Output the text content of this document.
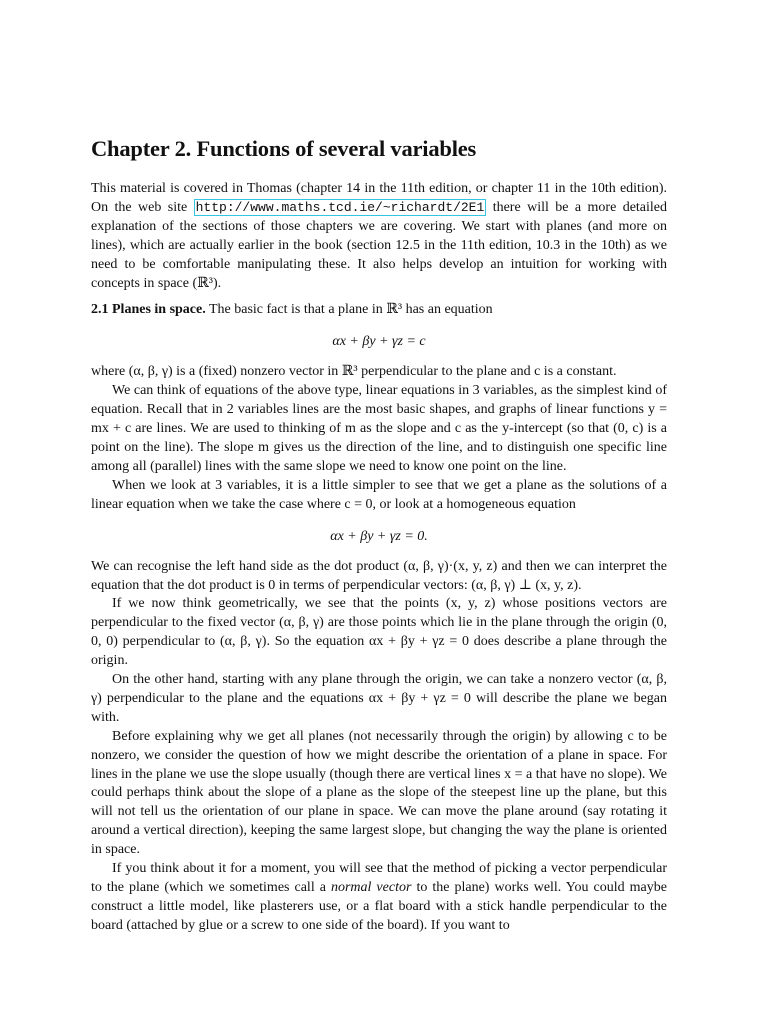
Chapter 2. Functions of several variables

This material is covered in Thomas (chapter 14 in the 11th edition, or chapter 11 in the 10th edition). On the web site http://www.maths.tcd.ie/~richardt/2E1 there will be a more detailed explanation of the sections of those chapters we are covering. We start with planes (and more on lines), which are actually earlier in the book (section 12.5 in the 11th edition, 10.3 in the 10th) as we need to be comfortable manipulating these. It also helps develop an intuition for working with concepts in space (ℝ³).

2.1 Planes in space. The basic fact is that a plane in ℝ³ has an equation

αx + βy + γz = c

where (α, β, γ) is a (fixed) nonzero vector in ℝ³ perpendicular to the plane and c is a constant.

We can think of equations of the above type, linear equations in 3 variables, as the simplest kind of equation. Recall that in 2 variables lines are the most basic shapes, and graphs of linear functions y = mx + c are lines. We are used to thinking of m as the slope and c as the y-intercept (so that (0, c) is a point on the line). The slope m gives us the direction of the line, and to distinguish one specific line among all (parallel) lines with the same slope we need to know one point on the line.

When we look at 3 variables, it is a little simpler to see that we get a plane as the solutions of a linear equation when we take the case where c = 0, or look at a homogeneous equation

αx + βy + γz = 0.

We can recognise the left hand side as the dot product (α, β, γ)·(x, y, z) and then we can interpret the equation that the dot product is 0 in terms of perpendicular vectors: (α, β, γ) ⊥ (x, y, z).

If we now think geometrically, we see that the points (x, y, z) whose positions vectors are perpendicular to the fixed vector (α, β, γ) are those points which lie in the plane through the origin (0, 0, 0) perpendicular to (α, β, γ). So the equation αx + βy + γz = 0 does describe a plane through the origin.

On the other hand, starting with any plane through the origin, we can take a nonzero vector (α, β, γ) perpendicular to the plane and the equations αx + βy + γz = 0 will describe the plane we began with.

Before explaining why we get all planes (not necessarily through the origin) by allowing c to be nonzero, we consider the question of how we might describe the orientation of a plane in space. For lines in the plane we use the slope usually (though there are vertical lines x = a that have no slope). We could perhaps think about the slope of a plane as the slope of the steepest line up the plane, but this will not tell us the orientation of our plane in space. We can move the plane around (say rotating it around a vertical direction), keeping the same largest slope, but changing the way the plane is oriented in space.

If you think about it for a moment, you will see that the method of picking a vector perpendicular to the plane (which we sometimes call a normal vector to the plane) works well. You could maybe construct a little model, like plasterers use, or a flat board with a stick handle perpendicular to the board (attached by glue or a screw to one side of the board). If you want to
